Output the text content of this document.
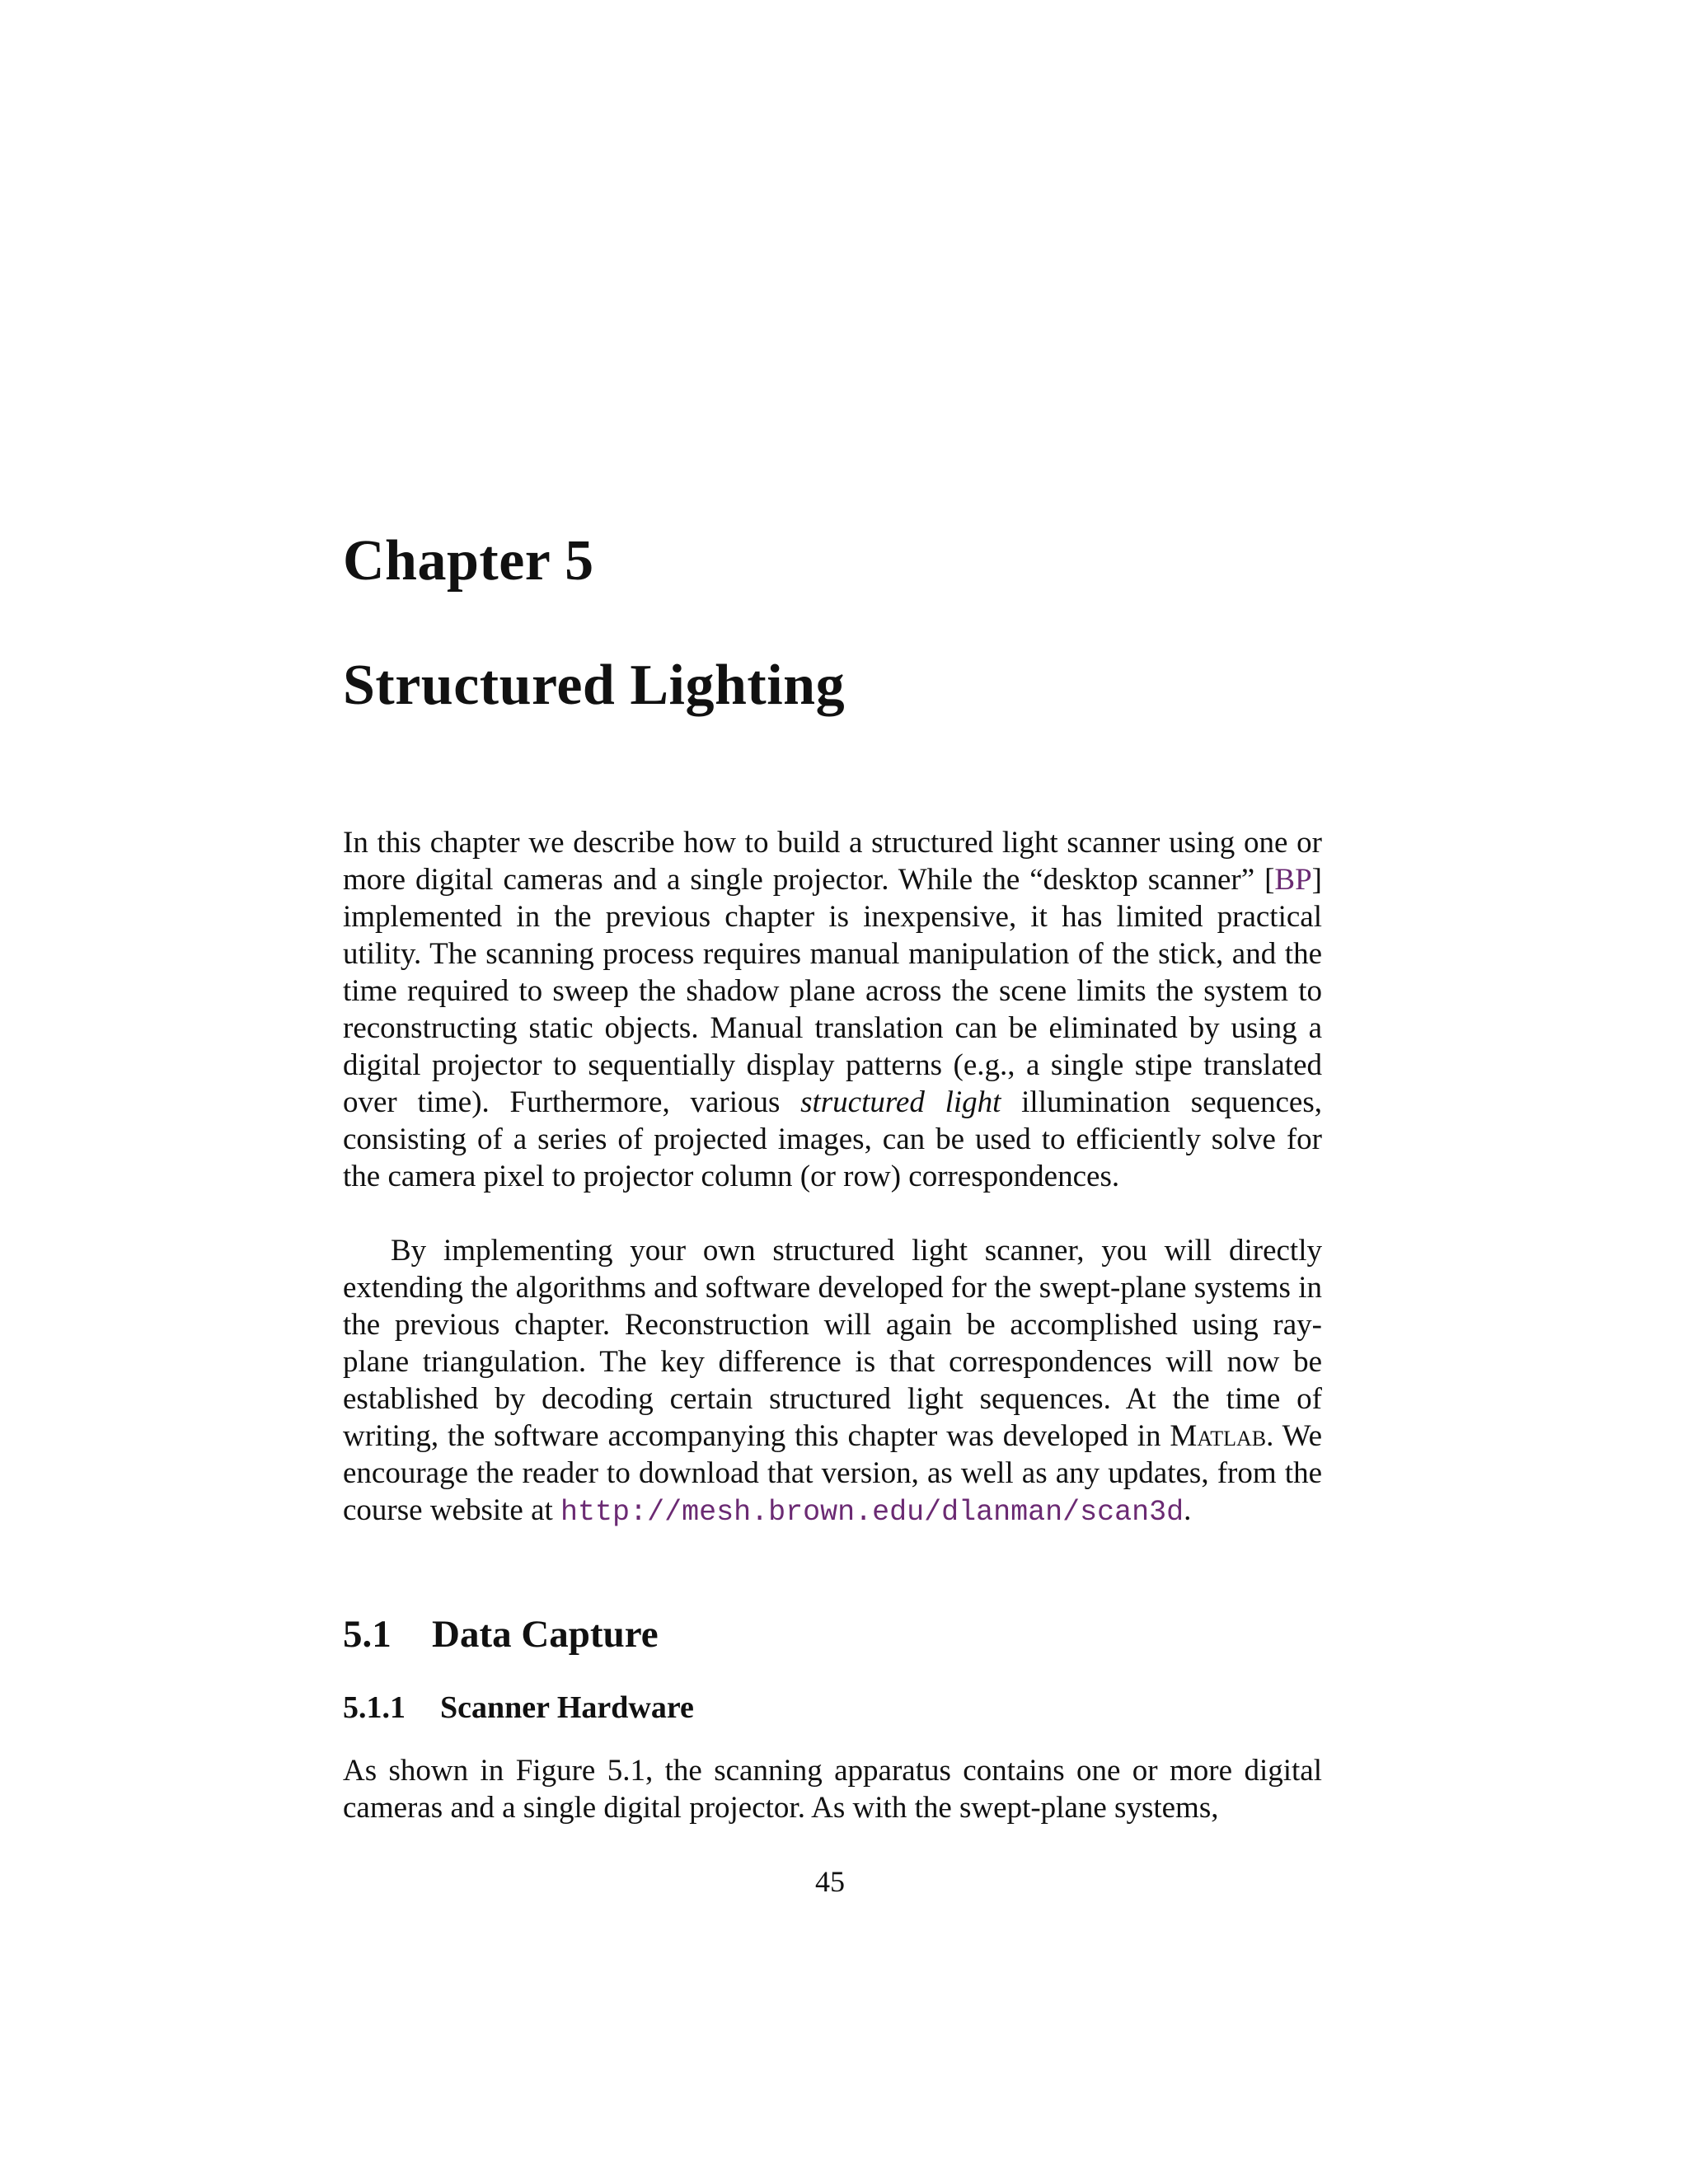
Chapter 5
Structured Lighting

In this chapter we describe how to build a structured light scanner using one or more digital cameras and a single projector. While the “desktop scanner” [BP] implemented in the previous chapter is inexpensive, it has limited practical utility. The scanning process requires manual manipulation of the stick, and the time required to sweep the shadow plane across the scene limits the system to reconstructing static objects. Manual translation can be eliminated by using a digital projector to sequentially display patterns (e.g., a single stipe translated over time). Furthermore, various structured light illumination sequences, consisting of a series of projected images, can be used to efficiently solve for the camera pixel to projector column (or row) correspondences.

By implementing your own structured light scanner, you will directly extending the algorithms and software developed for the swept-plane systems in the previous chapter. Reconstruction will again be accomplished using ray-plane triangulation. The key difference is that correspondences will now be established by decoding certain structured light sequences. At the time of writing, the software accompanying this chapter was developed in Matlab. We encourage the reader to download that version, as well as any updates, from the course website at http://mesh.brown.​edu/dlanman/scan3d.

5.1 Data Capture
5.1.1 Scanner Hardware

As shown in Figure 5.1, the scanning apparatus contains one or more digital cameras and a single digital projector. As with the swept-plane systems,

45
